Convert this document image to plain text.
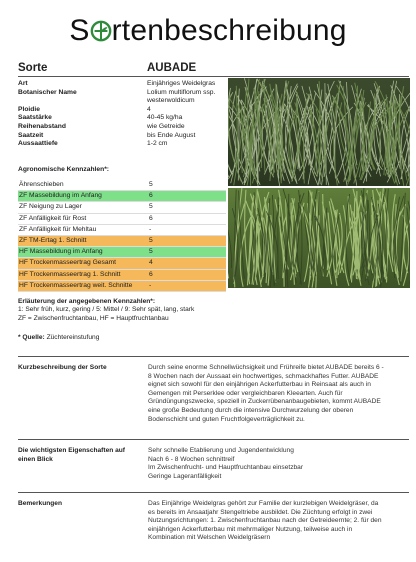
S rtenbeschreibung
Sorte	AUBADE
Art	Einjähriges Weidelgras
Botanischer Name	Lolium multiflorum ssp. westerwoldicum
Ploidie	4
Saatstärke	40-45 kg/ha
Reihenabstand	wie Getreide
Saatzeit	bis Ende August
Aussaattiefe	1-2 cm
Agronomische Kennzahlen*:
Ährenschieben	5
ZF Massebildung im Anfang	6
ZF Neigung zu Lager	5
ZF Anfälligkeit für Rost	6
ZF Anfälligkeit für Mehltau	-
ZF TM-Ertag 1. Schnitt	5
HF Massebildung im Anfang	5
HF Trockenmasseertrag Gesamt	4
HF Trockenmasseertrag 1. Schnitt	6
HF Trockenmasseertrag weit. Schnitte	-
Erläuterung der angegebenen Kennzahlen*:
1: Sehr früh, kurz, gering / 5: Mittel / 9: Sehr spät, lang, stark
ZF = Zwischenfruchtanbau, HF = Hauptfruchtanbau
* Quelle: Züchtereinstufung
Kurzbeschreibung der Sorte	Durch seine enorme Schnellwüchsigkeit und Frühreife bietet AUBADE bereits 6 -
8 Wochen nach der Aussaat ein hochwertiges, schmackhaftes Futter. AUBADE
eignet sich sowohl für den einjährigen Ackerfutterbau in Reinsaat als auch in
Gemengen mit Perserklee oder vergleichbaren Kleearten. Auch für
Gründüngungszwecke, speziell in Zuckerrübenanbaugebieten, kommt AUBADE
eine große Bedeutung durch die intensive Durchwurzelung der oberen
Bodenschicht und guten Fruchtfolgeverträglichkeit zu.
Die wichtigsten Eigenschaften auf einen Blick
Sehr schnelle Etablierung und Jugendentwicklung
Nach 6 - 8 Wochen schnittreif
Im Zwischenfrucht- und Hauptfruchtanbau einsetzbar
Geringe Lageranfälligkeit
Bemerkungen	Das Einjährige Weidelgras gehört zur Familie der kurzlebigen Weidelgräser, da
es bereits im Ansaatjahr Stengeltriebe ausbildet. Die Züchtung erfolgt in zwei
Nutzungsrichtungen: 1. Zwischenfruchtanbau nach der Getreideernte; 2. für den
einjährigen Ackerfutterbau mit mehrmaliger Nutzung, teilweise auch in
Kombination mit Welschen Weidelgräsern
